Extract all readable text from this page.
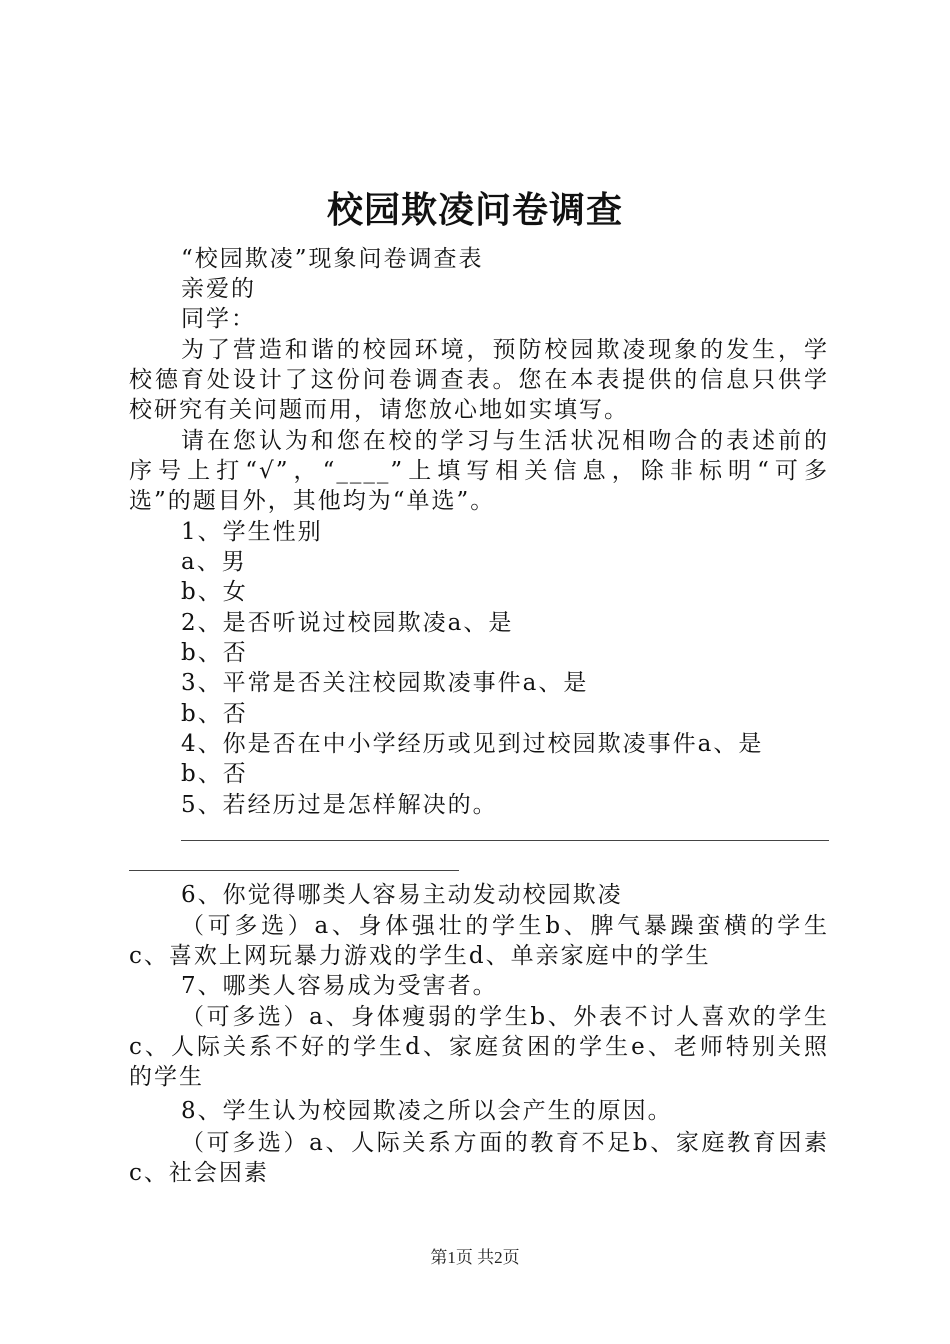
校园欺凌问卷调查
“校园欺凌”现象问卷调查表
亲爱的
同学：
为了营造和谐的校园环境，预防校园欺凌现象的发生，学
校德育处设计了这份问卷调查表。您在本表提供的信息只供学
校研究有关问题而用，请您放心地如实填写。
请在您认为和您在校的学习与生活状况相吻合的表述前的
序号上打“√”，“____”上填写相关信息，除非标明“可多
选”的题目外，其他均为“单选”。
1、学生性别
a、男
b、女
2、是否听说过校园欺凌a、是
b、否
3、平常是否关注校园欺凌事件a、是
b、否
4、你是否在中小学经历或见到过校园欺凌事件a、是
b、否
5、若经历过是怎样解决的。
6、你觉得哪类人容易主动发动校园欺凌
（可多选）a、身体强壮的学生b、脾气暴躁蛮横的学生
c、喜欢上网玩暴力游戏的学生d、单亲家庭中的学生
7、哪类人容易成为受害者。
（可多选）a、身体瘦弱的学生b、外表不讨人喜欢的学生
c、人际关系不好的学生d、家庭贫困的学生e、老师特别关照
的学生
8、学生认为校园欺凌之所以会产生的原因。
（可多选）a、人际关系方面的教育不足b、家庭教育因素
c、社会因素
第1页 共2页
